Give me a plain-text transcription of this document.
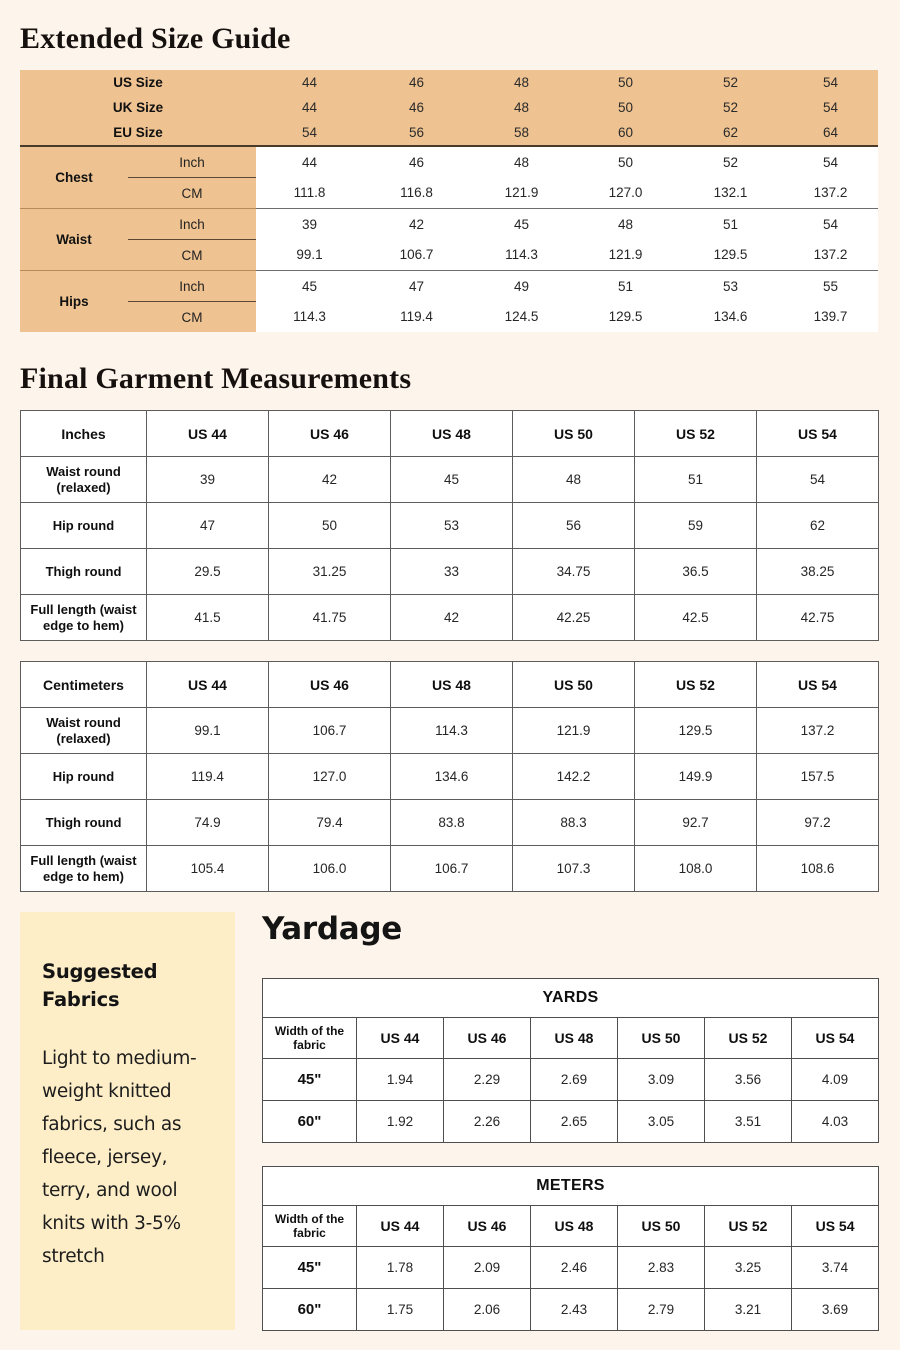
Extended Size Guide
US Size		44	46	48	50	52	54
UK Size		44	46	48	50	52	54
EU Size		54	56	58	60	62	64
Chest	Inch	44	46	48	50	52	54
	CM	111.8	116.8	121.9	127.0	132.1	137.2
Waist	Inch	39	42	45	48	51	54
	CM	99.1	106.7	114.3	121.9	129.5	137.2
Hips	Inch	45	47	49	51	53	55
	CM	114.3	119.4	124.5	129.5	134.6	139.7
Final Garment Measurements
Inches	US 44	US 46	US 48	US 50	US 52	US 54
Waist round (relaxed)	39	42	45	48	51	54
Hip round	47	50	53	56	59	62
Thigh round	29.5	31.25	33	34.75	36.5	38.25
Full length (waist edge to hem)	41.5	41.75	42	42.25	42.5	42.75
Centimeters	US 44	US 46	US 48	US 50	US 52	US 54
Waist round (relaxed)	99.1	106.7	114.3	121.9	129.5	137.2
Hip round	119.4	127.0	134.6	142.2	149.9	157.5
Thigh round	74.9	79.4	83.8	88.3	92.7	97.2
Full length (waist edge to hem)	105.4	106.0	106.7	107.3	108.0	108.6
Suggested Fabrics
Light to medium-weight knitted fabrics, such as fleece, jersey, terry, and wool knits with 3-5% stretch
Yardage
YARDS						
Width of the fabric	US 44	US 46	US 48	US 50	US 52	US 54
45"	1.94	2.29	2.69	3.09	3.56	4.09
60"	1.92	2.26	2.65	3.05	3.51	4.03
METERS						
Width of the fabric	US 44	US 46	US 48	US 50	US 52	US 54
45"	1.78	2.09	2.46	2.83	3.25	3.74
60"	1.75	2.06	2.43	2.79	3.21	3.69
